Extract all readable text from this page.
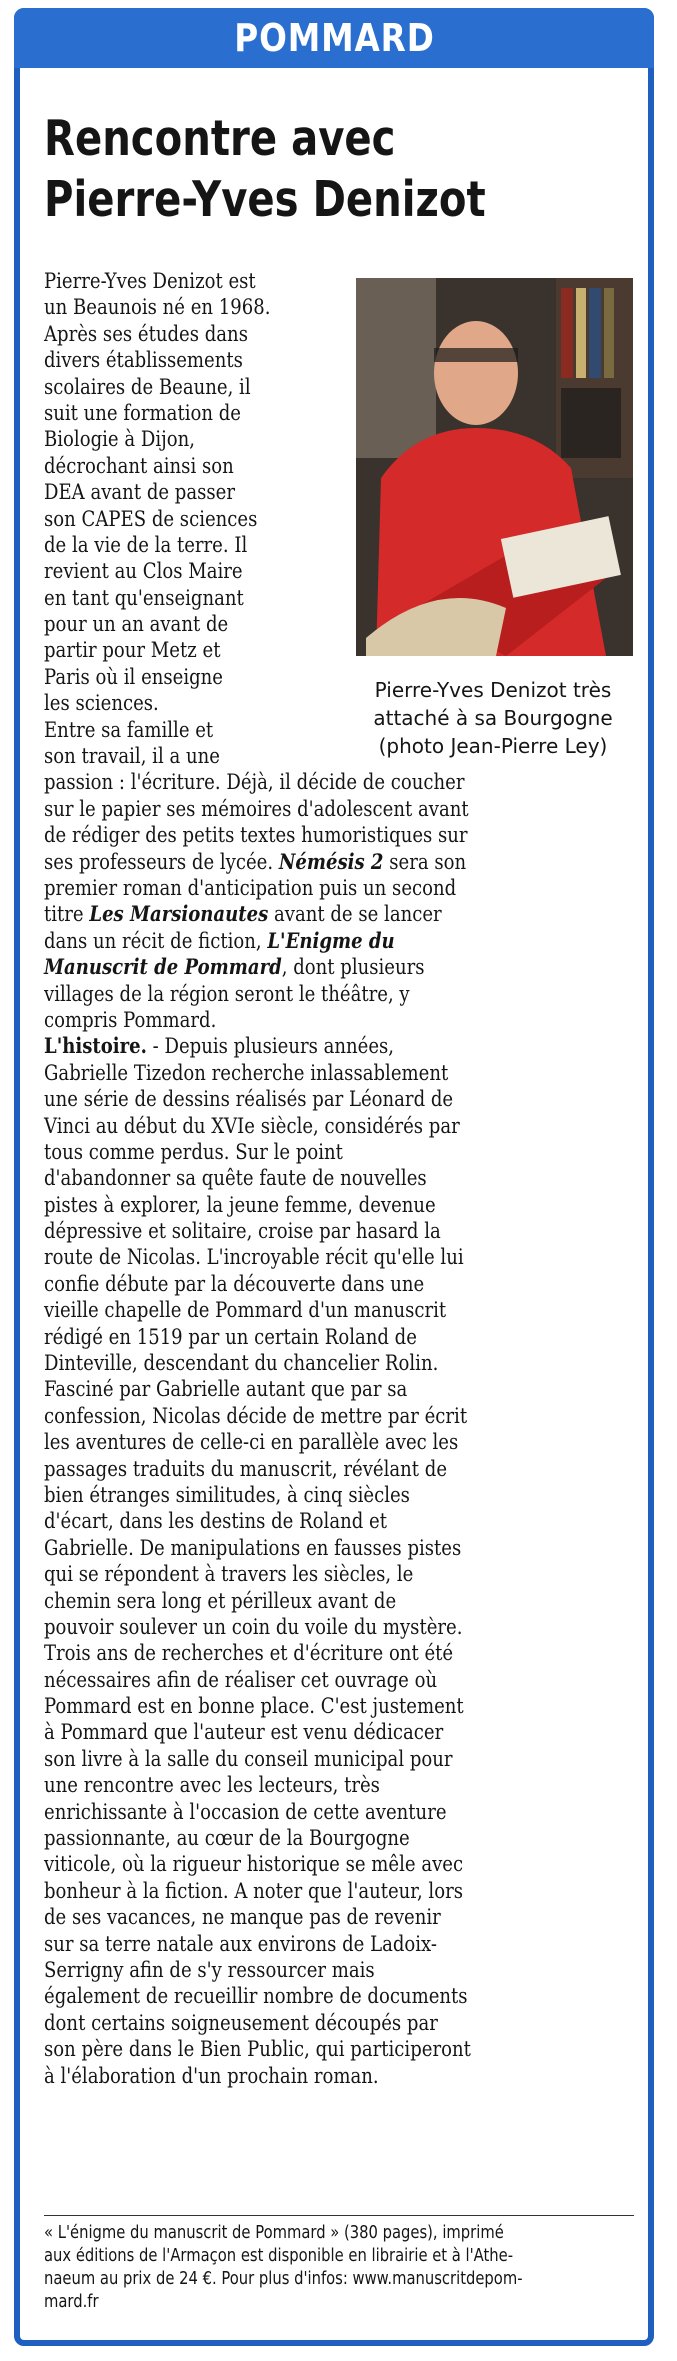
POMMARD
Rencontre avec
Pierre-Yves Denizot
Pierre-Yves Denizot très
attaché à sa Bourgogne
(photo Jean-Pierre Ley)
Pierre-Yves Denizot est
un Beaunois né en 1968.
Après ses études dans
divers établissements
scolaires de Beaune, il
suit une formation de
Biologie à Dijon,
décrochant ainsi son
DEA avant de passer
son CAPES de sciences
de la vie de la terre. Il
revient au Clos Maire
en tant qu'enseignant
pour un an avant de
partir pour Metz et
Paris où il enseigne
les sciences.
Entre sa famille et
son travail, il a une
passion : l'écriture. Déjà, il décide de coucher
sur le papier ses mémoires d'adolescent avant
de rédiger des petits textes humoristiques sur
ses professeurs de lycée. Némésis 2 sera son
premier roman d'anticipation puis un second
titre Les Marsionautes avant de se lancer
dans un récit de fiction, L'Enigme du
Manuscrit de Pommard, dont plusieurs
villages de la région seront le théâtre, y
compris Pommard.
L'histoire. - Depuis plusieurs années,
Gabrielle Tizedon recherche inlassablement
une série de dessins réalisés par Léonard de
Vinci au début du XVIe siècle, considérés par
tous comme perdus. Sur le point
d'abandonner sa quête faute de nouvelles
pistes à explorer, la jeune femme, devenue
dépressive et solitaire, croise par hasard la
route de Nicolas. L'incroyable récit qu'elle lui
confie débute par la découverte dans une
vieille chapelle de Pommard d'un manuscrit
rédigé en 1519 par un certain Roland de
Dinteville, descendant du chancelier Rolin.
Fasciné par Gabrielle autant que par sa
confession, Nicolas décide de mettre par écrit
les aventures de celle-ci en parallèle avec les
passages traduits du manuscrit, révélant de
bien étranges similitudes, à cinq siècles
d'écart, dans les destins de Roland et
Gabrielle. De manipulations en fausses pistes
qui se répondent à travers les siècles, le
chemin sera long et périlleux avant de
pouvoir soulever un coin du voile du mystère.
Trois ans de recherches et d'écriture ont été
nécessaires afin de réaliser cet ouvrage où
Pommard est en bonne place. C'est justement
à Pommard que l'auteur est venu dédicacer
son livre à la salle du conseil municipal pour
une rencontre avec les lecteurs, très
enrichissante à l'occasion de cette aventure
passionnante, au cœur de la Bourgogne
viticole, où la rigueur historique se mêle avec
bonheur à la fiction. A noter que l'auteur, lors
de ses vacances, ne manque pas de revenir
sur sa terre natale aux environs de Ladoix-
Serrigny afin de s'y ressourcer mais
également de recueillir nombre de documents
dont certains soigneusement découpés par
son père dans le Bien Public, qui participeront
à l'élaboration d'un prochain roman.
« L'énigme du manuscrit de Pommard » (380 pages), imprimé
aux éditions de l'Armaçon est disponible en librairie et à l'Athe-
naeum au prix de 24 €. Pour plus d'infos: www.manuscritdepom-
mard.fr
